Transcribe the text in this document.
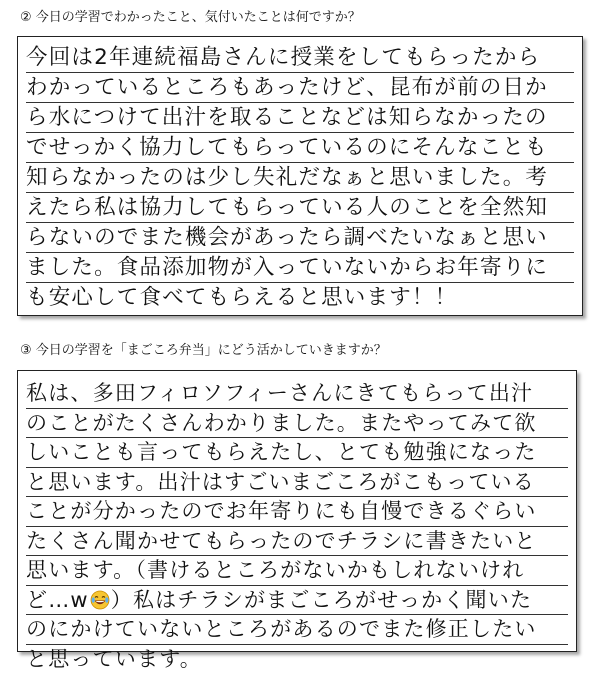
② 今日の学習でわかったこと、気付いたことは何ですか？
今回は2年連続福島さんに授業をしてもらったから
わかっているところもあったけど、昆布が前の日か
ら水につけて出汁を取ることなどは知らなかったの
でせっかく協力してもらっているのにそんなことも
知らなかったのは少し失礼だなぁと思いました。考
えたら私は協力してもらっている人のことを全然知
らないのでまた機会があったら調べたいなぁと思い
ました。食品添加物が入っていないからお年寄りに
も安心して食べてもらえると思います！！
③ 今日の学習を「まごころ弁当」にどう活かしていきますか？
私は、多田フィロソフィーさんにきてもらって出汁
のことがたくさんわかりました。またやってみて欲
しいことも言ってもらえたし、とても勉強になった
と思います。出汁はすごいまごころがこもっている
ことが分かったのでお年寄りにも自慢できるぐらい
たくさん聞かせてもらったのでチラシに書きたいと
思います。（書けるところがないかもしれないけれ
ど…w ）私はチラシがまごころがせっかく聞いた
のにかけていないところがあるのでまた修正したい
と思っています。
